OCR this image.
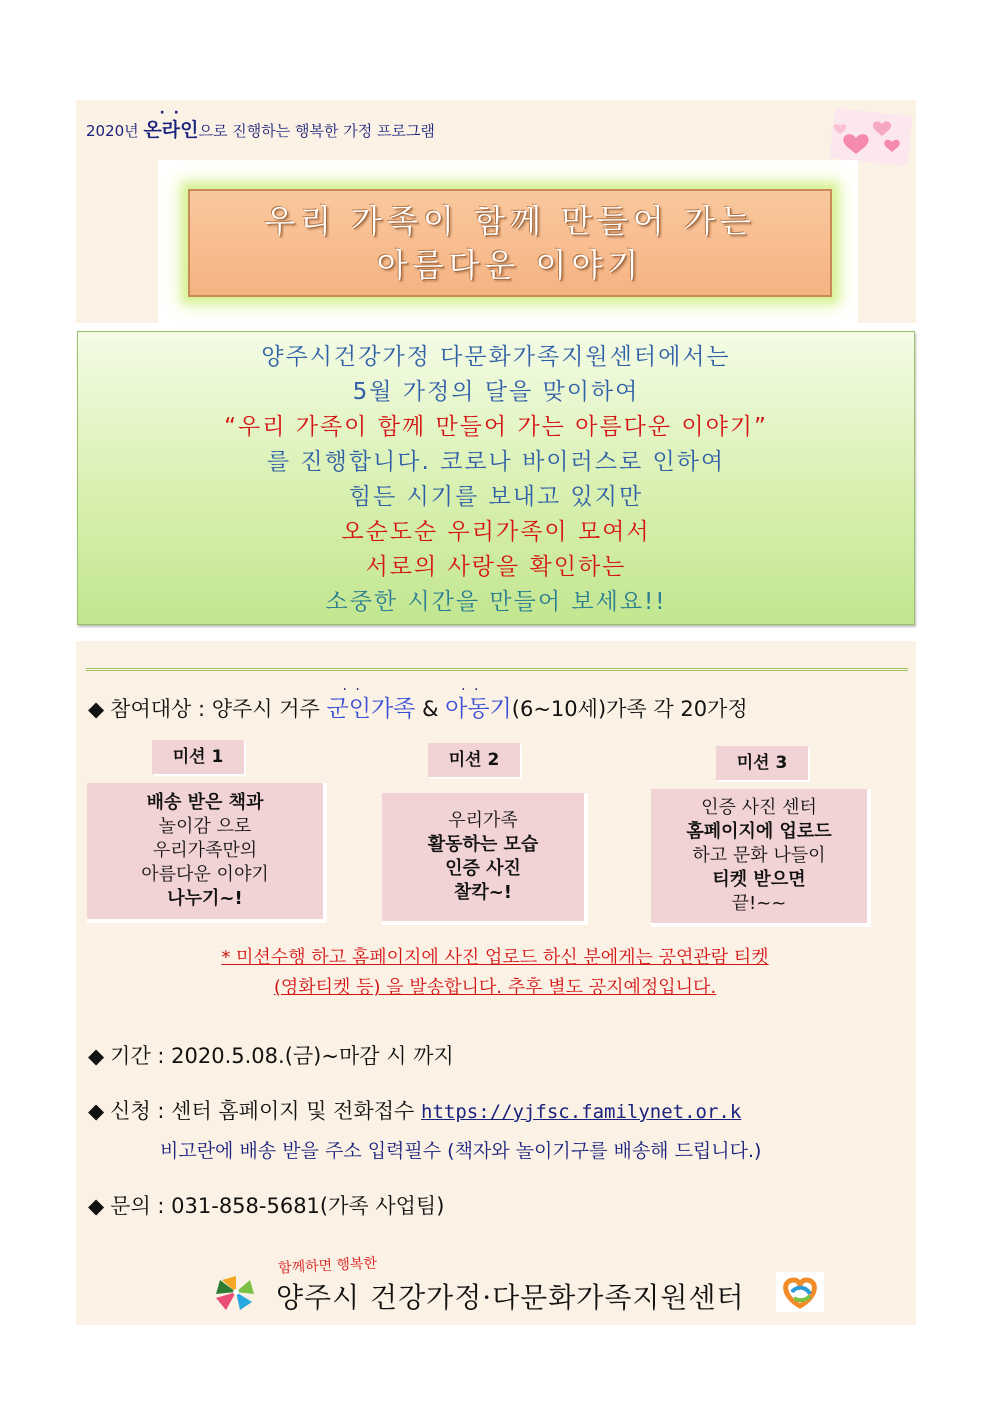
2020년 · · 온라인으로 진행하는 행복한 가정 프로그램
우리 가족이 함께 만들어 가는
아름다운 이야기
양주시건강가정 다문화가족지원센터에서는
5월 가정의 달을 맞이하여
“우리 가족이 함께 만들어 가는 아름다운 이야기”
를 진행합니다. 코로나 바이러스로 인하여
힘든 시기를 보내고 있지만
오순도순 우리가족이 모여서
서로의 사랑을 확인하는
소중한 시간을 만들어 보세요!!
◆ 참여대상 : 양주시 거주 · · 군인가족 & · · 아동기(6~10세)가족 각 20가정
미션 1	미션 2	미션 3
배송 받은 책과
놀이감 으로
우리가족만의
아름다운 이야기
나누기~!
우리가족
활동하는 모습
인증 사진
찰칵~!
인증 사진 센터
홈페이지에 업로드
하고 문화 나들이
티켓 받으면
끝!~~
* 미션수행 하고 홈페이지에 사진 업로드 하신 분에게는 공연관람 티켓
(영화티켓 등) 을 발송합니다. 추후 별도 공지예정입니다.
◆ 기간 : 2020.5.08.(금)~마감 시 까지
◆ 신청 : 센터 홈페이지 및 전화접수 https://yjfsc.familynet.or.k
비고란에 배송 받을 주소 입력필수 (책자와 놀이기구를 배송해 드립니다.)
◆ 문의 : 031-858-5681(가족 사업팀)
함께하면 행복한
양주시 건강가정·다문화가족지원센터
